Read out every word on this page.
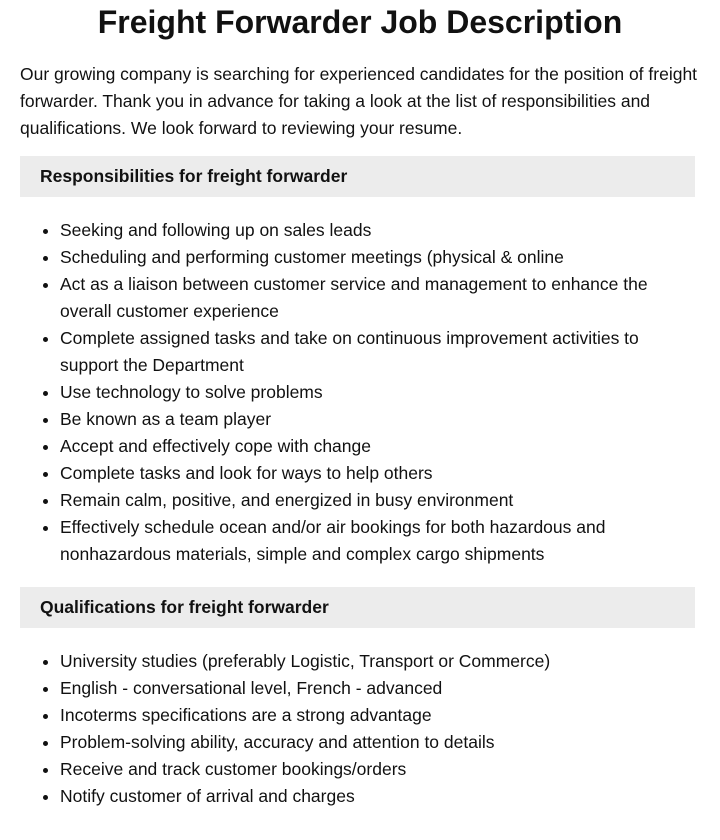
Freight Forwarder Job Description

Our growing company is searching for experienced candidates for the position of freight forwarder. Thank you in advance for taking a look at the list of responsibilities and qualifications. We look forward to reviewing your resume.

Responsibilities for freight forwarder
• Seeking and following up on sales leads
• Scheduling and performing customer meetings (physical & online
• Act as a liaison between customer service and management to enhance the overall customer experience
• Complete assigned tasks and take on continuous improvement activities to support the Department
• Use technology to solve problems
• Be known as a team player
• Accept and effectively cope with change
• Complete tasks and look for ways to help others
• Remain calm, positive, and energized in busy environment
• Effectively schedule ocean and/or air bookings for both hazardous and nonhazardous materials, simple and complex cargo shipments
Qualifications for freight forwarder
• University studies (preferably Logistic, Transport or Commerce)
• English - conversational level, French - advanced
• Incoterms specifications are a strong advantage
• Problem-solving ability, accuracy and attention to details
• Receive and track customer bookings/orders
• Notify customer of arrival and charges
